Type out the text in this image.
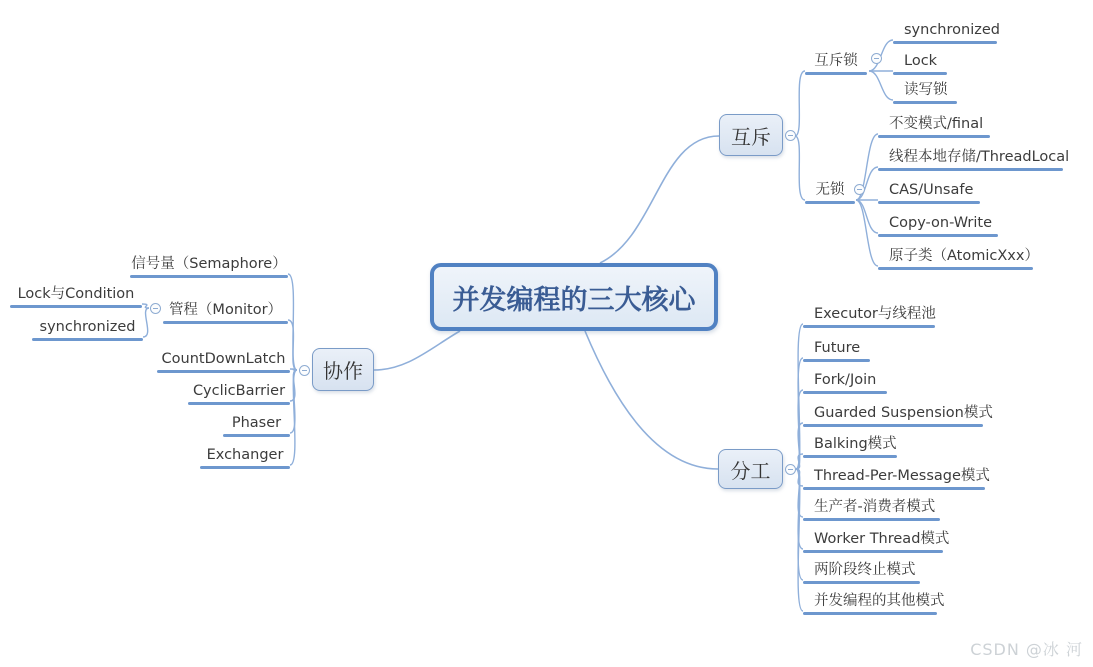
并发编程的三大核心
互斥
互斥锁
synchronized
Lock
读写锁
无锁
不变模式/final
线程本地存储/ThreadLocal
CAS/Unsafe
Copy-on-Write
原子类（AtomicXxx）
协作
信号量（Semaphore）
管程（Monitor）
Lock与Condition
synchronized
CountDownLatch
CyclicBarrier
Phaser
Exchanger
分工
Executor与线程池
Future
Fork/Join
Guarded Suspension模式
Balking模式
Thread-Per-Message模式
生产者-消费者模式
Worker Thread模式
两阶段终止模式
并发编程的其他模式
CSDN @冰 河
